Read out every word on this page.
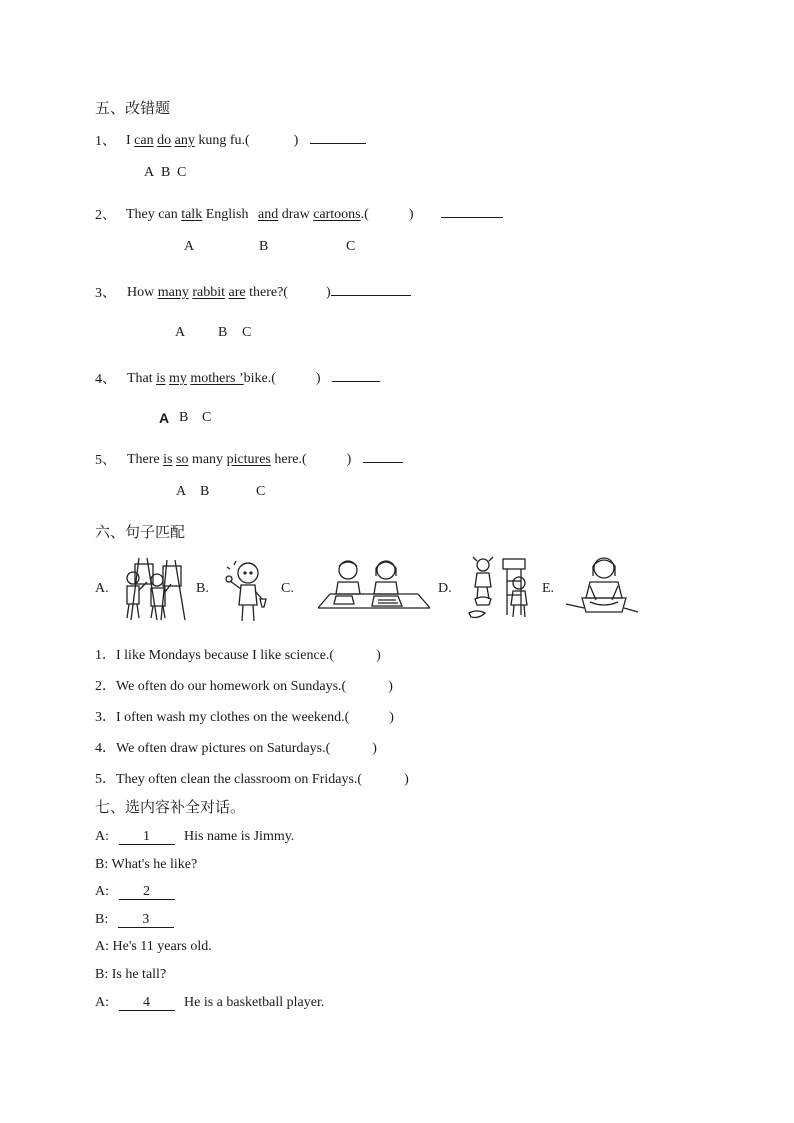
五、改错题
1、 I can do any kung fu.(	)
A B C
2、 They can talk English and draw cartoons.(	)
A	B	C
3、 How many rabbit are there?(	)
A B C
4、 That is my mothers ʼbike.(	)
A B C
5、 There is so many pictures here.(	)
A B	C
六、句子匹配
A.	B.	C.	D.	E.
1．I like Mondays because I like science.(	)
2．We often do our homework on Sundays.(	)
3．I often wash my clothes on the weekend.(	)
4．We often draw pictures on Saturdays.(	)
5．They often clean the classroom on Fridays.(	)
七、选内容补全对话。
A: 1 His name is Jimmy.
B: What's he like?
A: 2
B: 3
A: He's 11 years old.
B: Is he tall?
A: 4 He is a basketball player.
